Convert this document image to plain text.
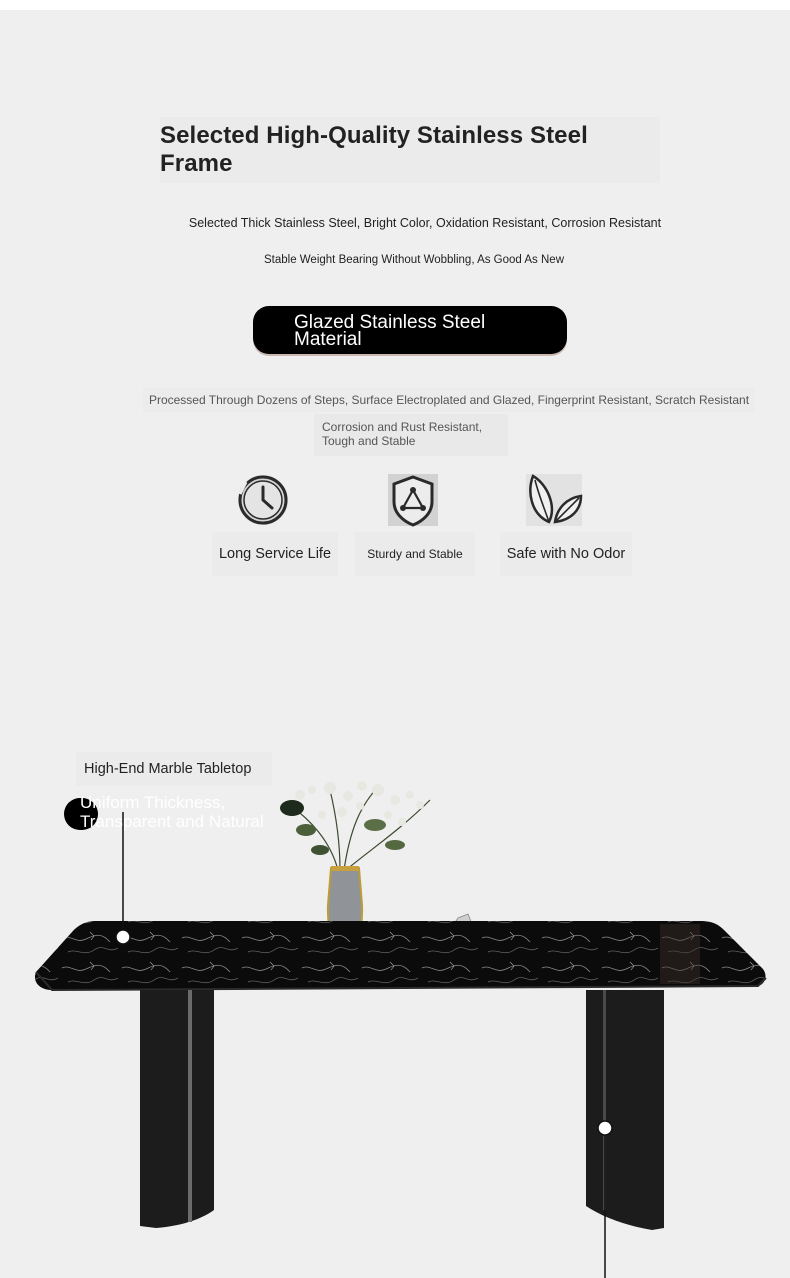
Selected High-Quality Stainless Steel Frame
Selected Thick Stainless Steel, Bright Color, Oxidation Resistant, Corrosion Resistant
Stable Weight Bearing Without Wobbling, As Good As New
Glazed Stainless Steel
Material
Processed Through Dozens of Steps, Surface Electroplated and Glazed, Fingerprint Resistant, Scratch Resistant
Corrosion and Rust Resistant,
Tough and Stable
Long Service Life	Sturdy and Stable	Safe with No Odor
High-End Marble Tabletop
Uniform Thickness,
Transparent and Natural
